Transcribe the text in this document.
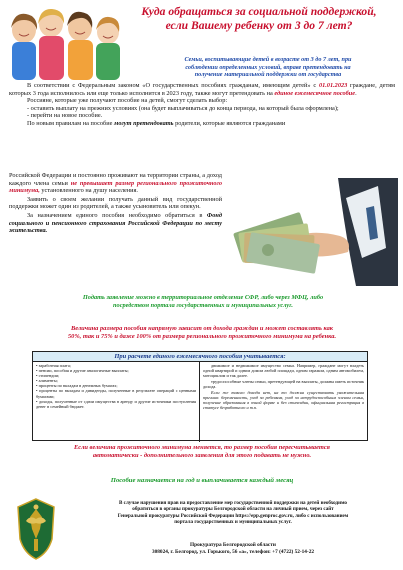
Куда обращаться за социальной поддержкой,
если Вашему ребенку от 3 до 7 лет?
Семьи, воспитывающие детей в возрасте от 3 до 7 лет, при
соблюдении определенных условий, вправе претендовать на
получение материальной поддержки от государства

В соответствии с Федеральным законом «О государственных пособиях гражданам, имеющим детей» с 01.01.2023 граждане, детям которых 3 года исполнилось или еще только исполнится в 2023 году, также могут претендовать на единое ежемесячное пособие.

Россияне, которые уже получают пособие на детей, смогут сделать выбор:

- оставить выплату на прежних условиях (она будет выплачиваться до конца периода, на который была оформлена);

- перейти на новое пособие.

По новым правилам на пособие могут претендовать родители, которые являются гражданами

Российской Федерации и постоянно проживают на территории страны, а доход каждого члена семьи не превышает размер регионального прожиточного минимума, установленного на душу населения.

Заявить о своем желании получать данный вид государственной поддержки может один из родителей, а также усыновитель или опекун.

За назначением единого пособия необходимо обратиться в Фонд социального и пенсионного страхования Российской Федерации по месту жительства.

Подать заявление можно в территориальное отделение СФР, либо через МФЦ, либо
посредством портала государственных и муниципальных услуг.
Величина размера пособия напрямую зависит от дохода граждан и может составлять как
50%, так и 75% и даже 100% от размера регионального прожиточного минимума на ребенка.
При расчете единого ежемесячного пособия учитывается:
• заработная плата;
• пенсии, пособия и другие аналогичные выплаты;
• стипендии;
• алименты;
• проценты по вкладам в денежных бумагах;
• проценты по вкладам и дивиденды, полученные в результате операций с ценными бумагами;
• доходы, полученные от сдачи имущества в аренду и другие источники поступления денег в семейный бюджет.

движимое и недвижимое имущество семьи. Например, граждане могут владеть одной квартирой и одним домом любой площади, одним гаражом, одним автомобилем, мотоциклом и так далее.

трудоспособные члены семьи, претендующей на выплаты, должны иметь источник дохода.

Если же такого дохода нет, на то должна существовать уважительная причина: беременность, уход за ребенком, уход за нетрудоспособным членом семьи, получение образования в очной форме и без стипендии, официальная регистрация в статусе безработного и т.п.

Если величина прожиточного минимума меняется, то размер пособия пересчитывается
автоматически - дополнительного заявления для этого подавать не нужно.
Пособие назначается на год и выплачивается каждый месяц
В случае нарушения прав на предоставление мер государственной поддержки на детей необходимо
обратиться в органы прокуратуры Белгородской области на личный прием, через сайт
Генеральной прокуратуры Российской Федерации https://epp.genproc.gov.ru, либо с использованием
портала государственных и муниципальных услуг.
Прокуратура Белгородской области
308024, г. Белгород, ул. Горького, 56 «а», телефон: +7 (4722) 52-14-22
